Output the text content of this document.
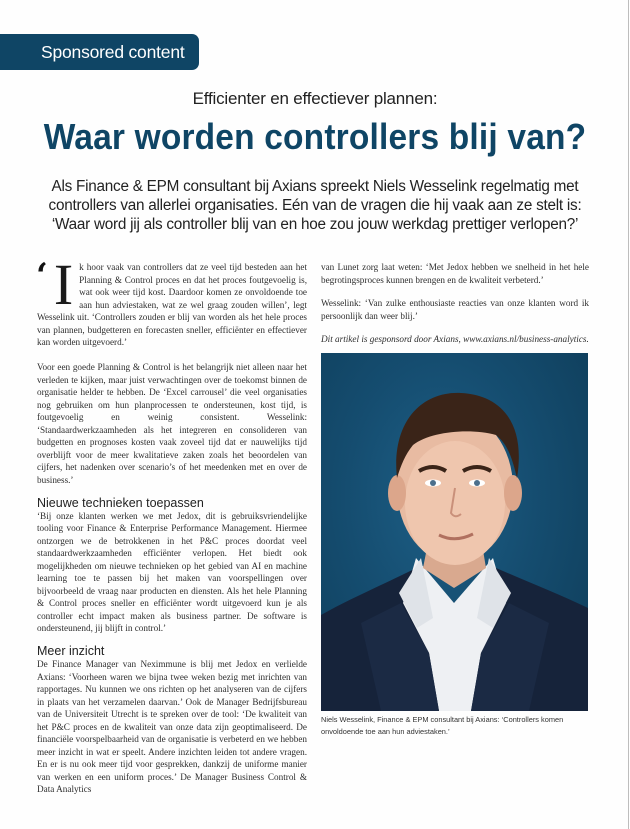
Sponsored content
Efficienter en effectiever plannen:
Waar worden controllers blij van?
Als Finance & EPM consultant bij Axians spreekt Niels Wesselink regelmatig met controllers van allerlei organisaties. Eén van de vragen die hij vaak aan ze stelt is: ‘Waar word jij als controller blij van en hoe zou jouw werkdag prettiger verlopen?’

‘ I k hoor vaak van controllers dat ze veel tijd besteden aan het Planning & Control proces en dat het proces foutgevoelig is, wat ook weer tijd kost. Daardoor komen ze onvoldoende toe aan hun adviestaken, wat ze wel graag zouden willen’, legt Wesselink uit. ‘Controllers zouden er blij van worden als het hele proces van plannen, budgetteren en forecasten sneller, efficiënter en effectiever kan worden uitgevoerd.’

Voor een goede Planning & Control is het belangrijk niet alleen naar het verleden te kijken, maar juist verwachtingen over de toekomst binnen de organisatie helder te hebben. De ‘Excel carrousel’ die veel organisaties nog gebruiken om hun planprocessen te ondersteunen, kost tijd, is foutgevoelig en weinig consistent. Wesselink: ‘Standaardwerkzaamheden als het integreren en consolideren van budgetten en prognoses kosten vaak zoveel tijd dat er nauwelijks tijd overblijft voor de meer kwalitatieve zaken zoals het beoordelen van cijfers, het nadenken over scenario’s of het meedenken met en over de business.’

Nieuwe technieken toepassen

‘Bij onze klanten werken we met Jedox, dit is gebruiksvriendelijke tooling voor Finance & Enterprise Performance Management. Hiermee ontzorgen we de betrokkenen in het P&C proces doordat veel standaardwerkzaamheden efficiënter verlopen. Het biedt ook mogelijkheden om nieuwe technieken op het gebied van AI en machine learning toe te passen bij het maken van voorspellingen over bijvoorbeeld de vraag naar producten en diensten. Als het hele Planning & Control proces sneller en efficiënter wordt uitgevoerd kun je als controller echt impact maken als business partner. De software is ondersteunend, jij blijft in control.’

Meer inzicht

De Finance Manager van Neximmune is blij met Jedox en verlielde Axians: ‘Voorheen waren we bijna twee weken bezig met inrichten van rapportages. Nu kunnen we ons richten op het analyseren van de cijfers in plaats van het verzamelen daarvan.’ Ook de Manager Bedrijfsbureau van de Universiteit Utrecht is te spreken over de tool: ‘De kwaliteit van het P&C proces en de kwaliteit van onze data zijn geoptimaliseerd. De financiële voorspelbaarheid van de organisatie is verbeterd en we hebben meer inzicht in wat er speelt. Andere inzichten leiden tot andere vragen. En er is nu ook meer tijd voor gesprekken, dankzij de uniforme manier van werken en een uniform proces.’ De Manager Business Control & Data Analytics

van Lunet zorg laat weten: ‘Met Jedox hebben we snelheid in het hele begrotingsproces kunnen brengen en de kwaliteit verbeterd.’

Wesselink: ‘Van zulke enthousiaste reacties van onze klanten word ik persoonlijk dan weer blij.’

Dit artikel is gesponsord door Axians, www.axians.nl/business-analytics.

Niels Wesselink, Finance & EPM consultant bij Axians: ‘Controllers komen onvoldoende toe aan hun adviestaken.’
